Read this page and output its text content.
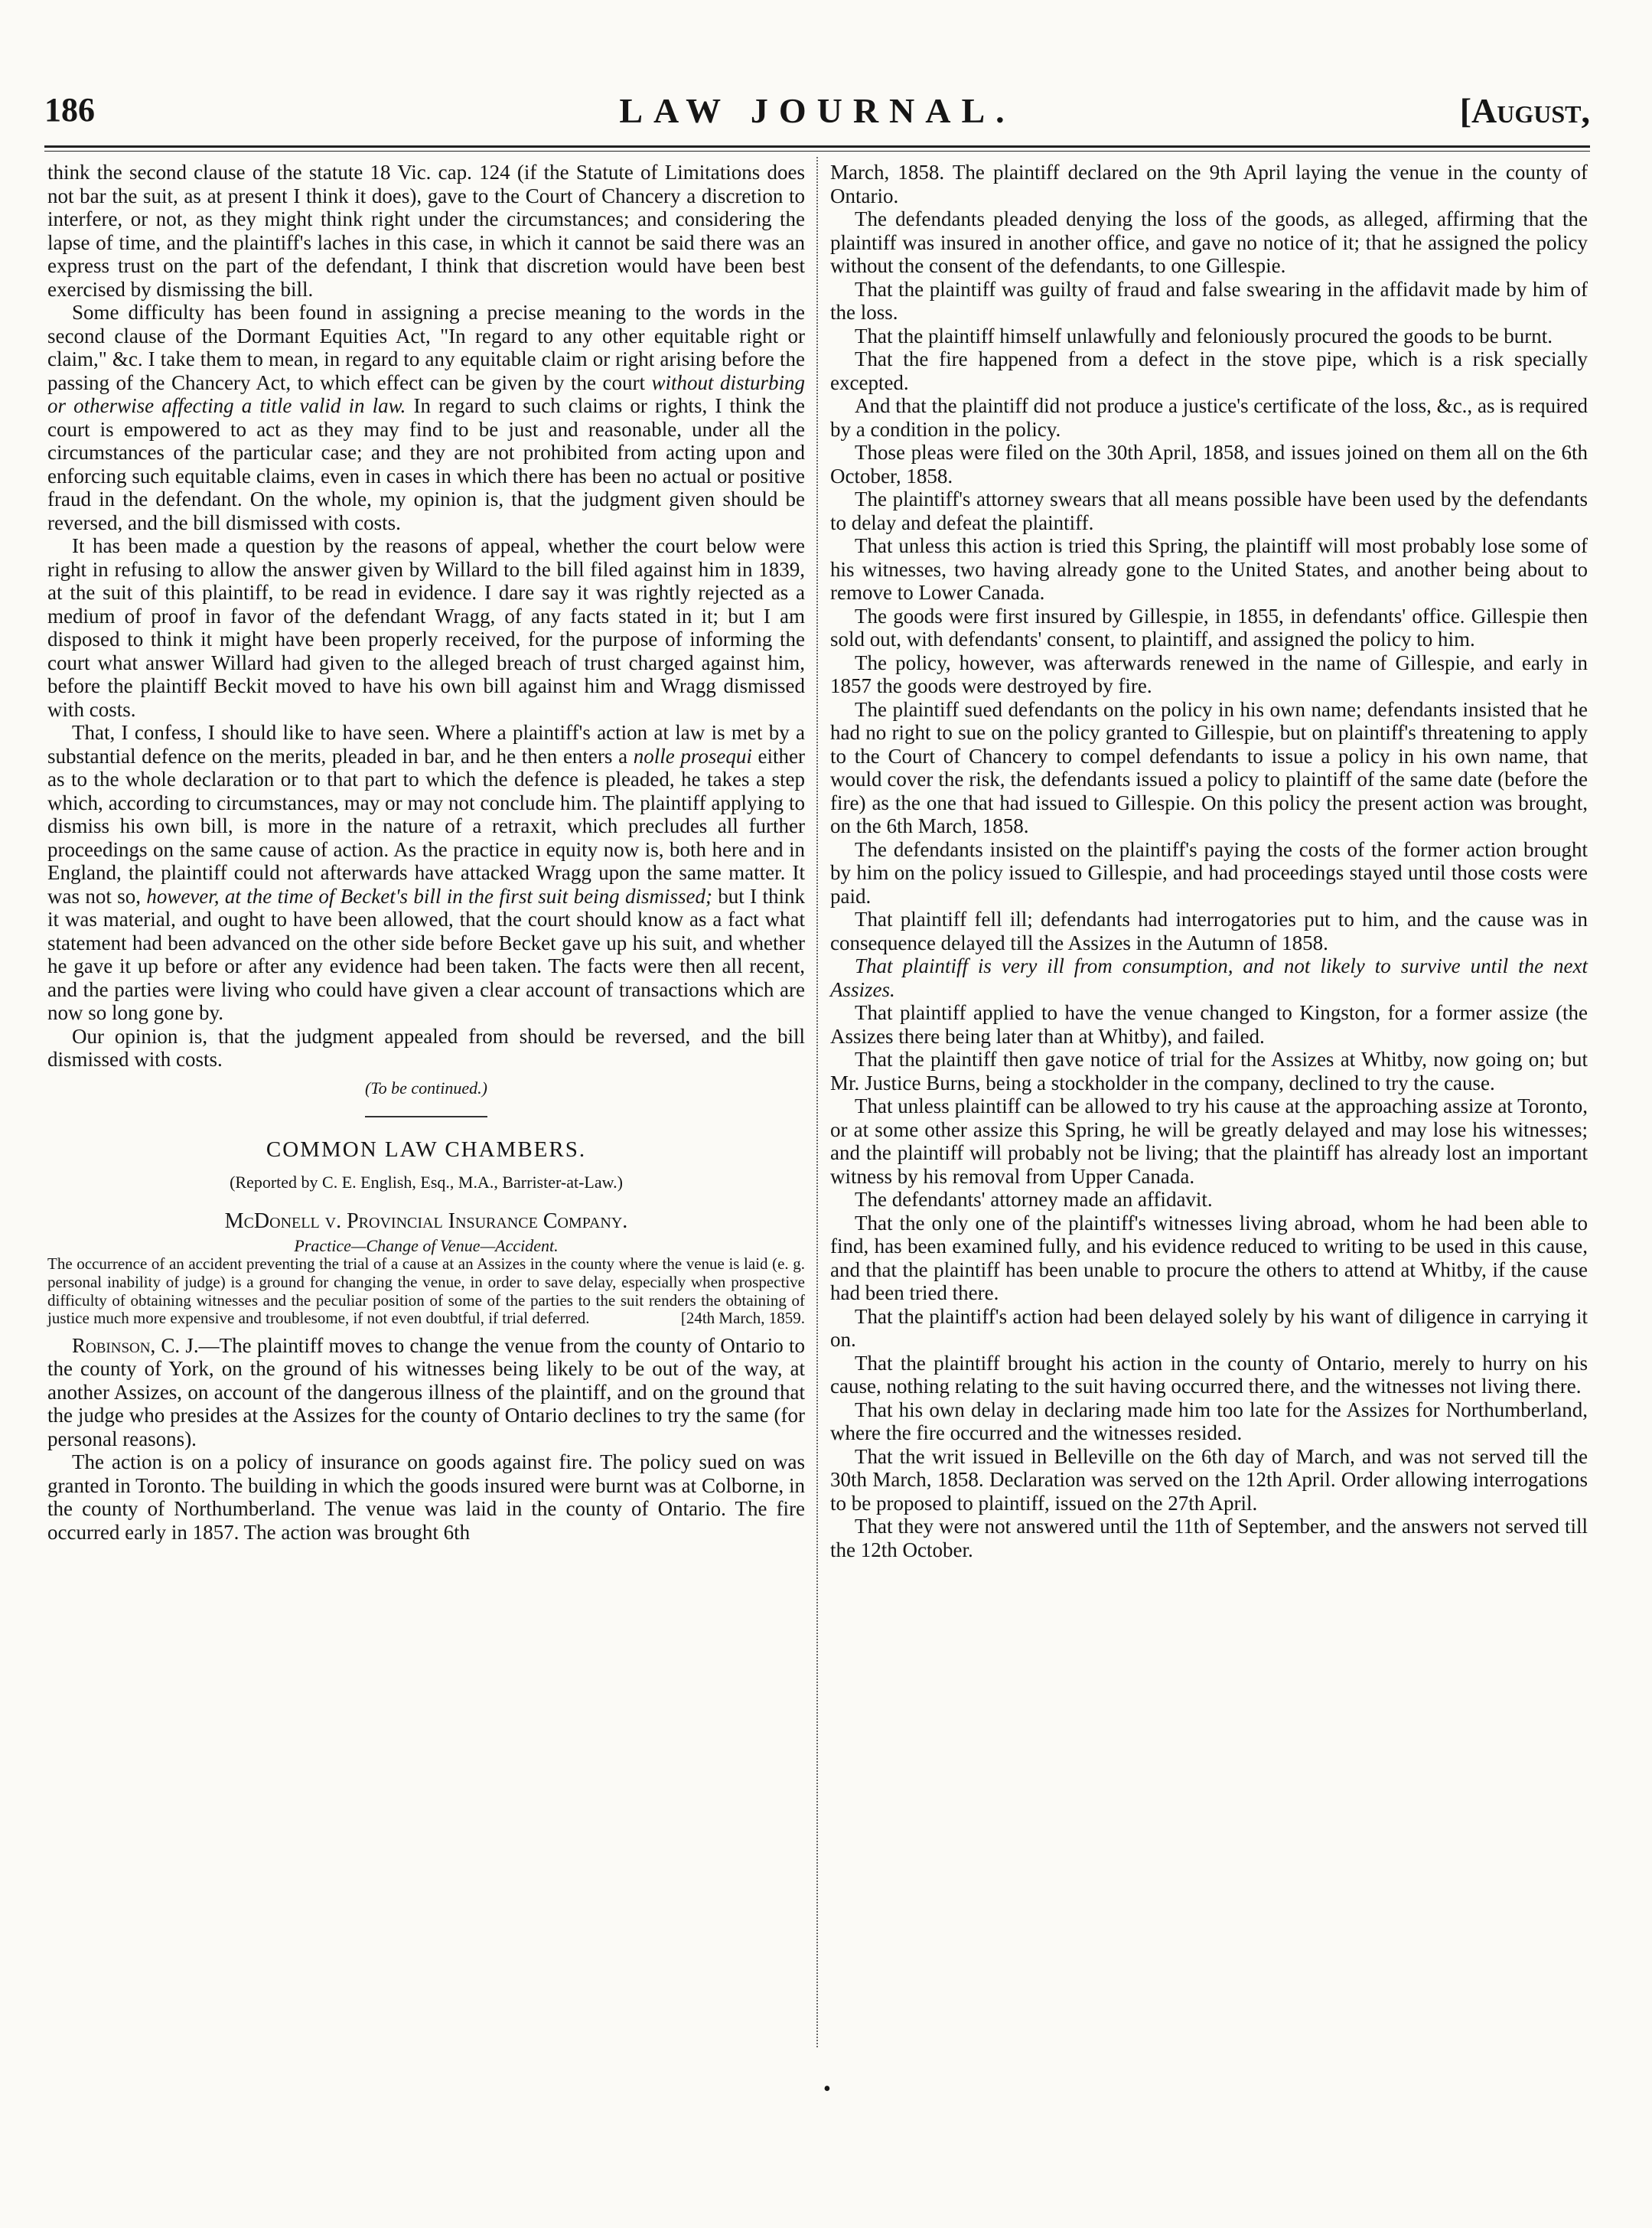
186	LAW JOURNAL.	[August,

think the second clause of the statute 18 Vic. cap. 124 (if the Statute of Limitations does not bar the suit, as at present I think it does), gave to the Court of Chancery a discretion to interfere, or not, as they might think right under the circumstances; and considering the lapse of time, and the plaintiff's laches in this case, in which it cannot be said there was an express trust on the part of the defendant, I think that discretion would have been best exercised by dismissing the bill.

Some difficulty has been found in assigning a precise meaning to the words in the second clause of the Dormant Equities Act, "In regard to any other equitable right or claim," &c. I take them to mean, in regard to any equitable claim or right arising before the passing of the Chancery Act, to which effect can be given by the court without disturbing or otherwise affecting a title valid in law. In regard to such claims or rights, I think the court is empowered to act as they may find to be just and reasonable, under all the circumstances of the particular case; and they are not prohibited from acting upon and enforcing such equitable claims, even in cases in which there has been no actual or positive fraud in the defendant. On the whole, my opinion is, that the judgment given should be reversed, and the bill dismissed with costs.

It has been made a question by the reasons of appeal, whether the court below were right in refusing to allow the answer given by Willard to the bill filed against him in 1839, at the suit of this plaintiff, to be read in evidence. I dare say it was rightly rejected as a medium of proof in favor of the defendant Wragg, of any facts stated in it; but I am disposed to think it might have been properly received, for the purpose of informing the court what answer Willard had given to the alleged breach of trust charged against him, before the plaintiff Beckit moved to have his own bill against him and Wragg dismissed with costs.

That, I confess, I should like to have seen. Where a plaintiff's action at law is met by a substantial defence on the merits, pleaded in bar, and he then enters a nolle prosequi either as to the whole declaration or to that part to which the defence is pleaded, he takes a step which, according to circumstances, may or may not conclude him. The plaintiff applying to dismiss his own bill, is more in the nature of a retraxit, which precludes all further proceedings on the same cause of action. As the practice in equity now is, both here and in England, the plaintiff could not afterwards have attacked Wragg upon the same matter. It was not so, however, at the time of Becket's bill in the first suit being dismissed; but I think it was material, and ought to have been allowed, that the court should know as a fact what statement had been advanced on the other side before Becket gave up his suit, and whether he gave it up before or after any evidence had been taken. The facts were then all recent, and the parties were living who could have given a clear account of transactions which are now so long gone by.

Our opinion is, that the judgment appealed from should be reversed, and the bill dismissed with costs.

(To be continued.)

COMMON LAW CHAMBERS.

(Reported by C. E. English, Esq., M.A., Barrister-at-Law.)

McDonell v. Provincial Insurance Company.

Practice—Change of Venue—Accident.

The occurrence of an accident preventing the trial of a cause at an Assizes in the county where the venue is laid (e. g. personal inability of judge) is a ground for changing the venue, in order to save delay, especially when prospective difficulty of obtaining witnesses and the peculiar position of some of the parties to the suit renders the obtaining of justice much more expensive and troublesome, if not even doubtful, if trial deferred.	[24th March, 1859.

Robinson, C. J.—The plaintiff moves to change the venue from the county of Ontario to the county of York, on the ground of his witnesses being likely to be out of the way, at another Assizes, on account of the dangerous illness of the plaintiff, and on the ground that the judge who presides at the Assizes for the county of Ontario declines to try the same (for personal reasons).

The action is on a policy of insurance on goods against fire. The policy sued on was granted in Toronto. The building in which the goods insured were burnt was at Colborne, in the county of Northumberland. The venue was laid in the county of Ontario. The fire occurred early in 1857. The action was brought 6th

March, 1858. The plaintiff declared on the 9th April laying the venue in the county of Ontario.

The defendants pleaded denying the loss of the goods, as alleged, affirming that the plaintiff was insured in another office, and gave no notice of it; that he assigned the policy without the consent of the defendants, to one Gillespie.

That the plaintiff was guilty of fraud and false swearing in the affidavit made by him of the loss.

That the plaintiff himself unlawfully and feloniously procured the goods to be burnt.

That the fire happened from a defect in the stove pipe, which is a risk specially excepted.

And that the plaintiff did not produce a justice's certificate of the loss, &c., as is required by a condition in the policy.

Those pleas were filed on the 30th April, 1858, and issues joined on them all on the 6th October, 1858.

The plaintiff's attorney swears that all means possible have been used by the defendants to delay and defeat the plaintiff.

That unless this action is tried this Spring, the plaintiff will most probably lose some of his witnesses, two having already gone to the United States, and another being about to remove to Lower Canada.

The goods were first insured by Gillespie, in 1855, in defendants' office. Gillespie then sold out, with defendants' consent, to plaintiff, and assigned the policy to him.

The policy, however, was afterwards renewed in the name of Gillespie, and early in 1857 the goods were destroyed by fire.

The plaintiff sued defendants on the policy in his own name; defendants insisted that he had no right to sue on the policy granted to Gillespie, but on plaintiff's threatening to apply to the Court of Chancery to compel defendants to issue a policy in his own name, that would cover the risk, the defendants issued a policy to plaintiff of the same date (before the fire) as the one that had issued to Gillespie. On this policy the present action was brought, on the 6th March, 1858.

The defendants insisted on the plaintiff's paying the costs of the former action brought by him on the policy issued to Gillespie, and had proceedings stayed until those costs were paid.

That plaintiff fell ill; defendants had interrogatories put to him, and the cause was in consequence delayed till the Assizes in the Autumn of 1858.

That plaintiff is very ill from consumption, and not likely to survive until the next Assizes.

That plaintiff applied to have the venue changed to Kingston, for a former assize (the Assizes there being later than at Whitby), and failed.

That the plaintiff then gave notice of trial for the Assizes at Whitby, now going on; but Mr. Justice Burns, being a stockholder in the company, declined to try the cause.

That unless plaintiff can be allowed to try his cause at the approaching assize at Toronto, or at some other assize this Spring, he will be greatly delayed and may lose his witnesses; and the plaintiff will probably not be living; that the plaintiff has already lost an important witness by his removal from Upper Canada.

The defendants' attorney made an affidavit.

That the only one of the plaintiff's witnesses living abroad, whom he had been able to find, has been examined fully, and his evidence reduced to writing to be used in this cause, and that the plaintiff has been unable to procure the others to attend at Whitby, if the cause had been tried there.

That the plaintiff's action had been delayed solely by his want of diligence in carrying it on.

That the plaintiff brought his action in the county of Ontario, merely to hurry on his cause, nothing relating to the suit having occurred there, and the witnesses not living there.

That his own delay in declaring made him too late for the Assizes for Northumberland, where the fire occurred and the witnesses resided.

That the writ issued in Belleville on the 6th day of March, and was not served till the 30th March, 1858. Declaration was served on the 12th April. Order allowing interrogations to be proposed to plaintiff, issued on the 27th April.

That they were not answered until the 11th of September, and the answers not served till the 12th October.

•
